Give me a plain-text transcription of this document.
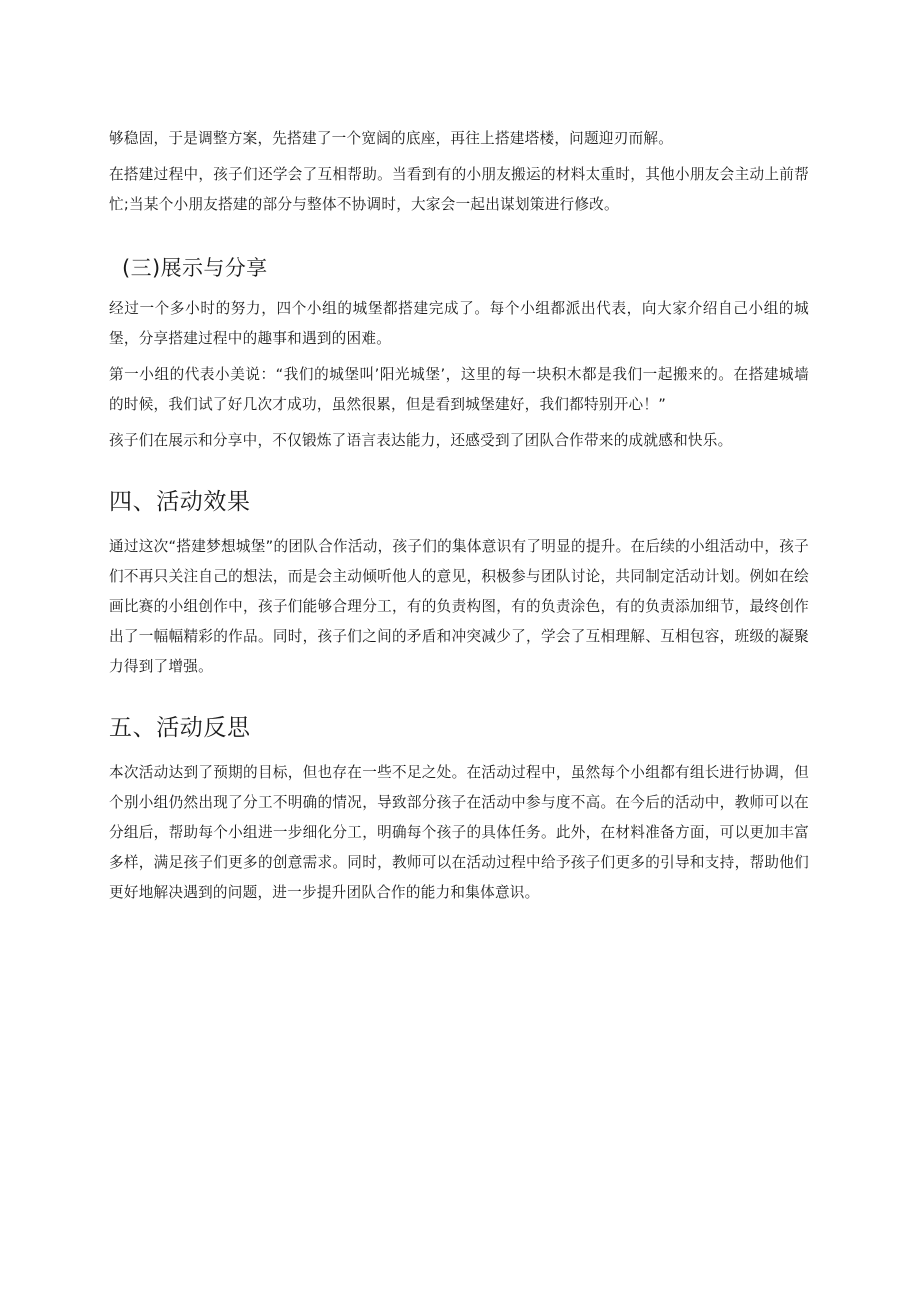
够稳固，于是调整方案，先搭建了一个宽阔的底座，再往上搭建塔楼，问题迎刃而解。

在搭建过程中，孩子们还学会了互相帮助。当看到有的小朋友搬运的材料太重时，其他小朋友会主动上前帮忙;当某个小朋友搭建的部分与整体不协调时，大家会一起出谋划策进行修改。

(三)展示与分享

经过一个多小时的努力，四个小组的城堡都搭建完成了。每个小组都派出代表，向大家介绍自己小组的城堡，分享搭建过程中的趣事和遇到的困难。

第一小组的代表小美说：“我们的城堡叫’阳光城堡’，这里的每一块积木都是我们一起搬来的。在搭建城墙的时候，我们试了好几次才成功，虽然很累，但是看到城堡建好，我们都特别开心！”

孩子们在展示和分享中，不仅锻炼了语言表达能力，还感受到了团队合作带来的成就感和快乐。

四、活动效果

通过这次“搭建梦想城堡”的团队合作活动，孩子们的集体意识有了明显的提升。在后续的小组活动中，孩子们不再只关注自己的想法，而是会主动倾听他人的意见，积极参与团队讨论，共同制定活动计划。例如在绘画比赛的小组创作中，孩子们能够合理分工，有的负责构图，有的负责涂色，有的负责添加细节，最终创作出了一幅幅精彩的作品。同时，孩子们之间的矛盾和冲突减少了，学会了互相理解、互相包容，班级的凝聚力得到了增强。

五、活动反思

本次活动达到了预期的目标，但也存在一些不足之处。在活动过程中，虽然每个小组都有组长进行协调，但个别小组仍然出现了分工不明确的情况，导致部分孩子在活动中参与度不高。在今后的活动中，教师可以在分组后，帮助每个小组进一步细化分工，明确每个孩子的具体任务。此外，在材料准备方面，可以更加丰富多样，满足孩子们更多的创意需求。同时，教师可以在活动过程中给予孩子们更多的引导和支持，帮助他们更好地解决遇到的问题，进一步提升团队合作的能力和集体意识。
